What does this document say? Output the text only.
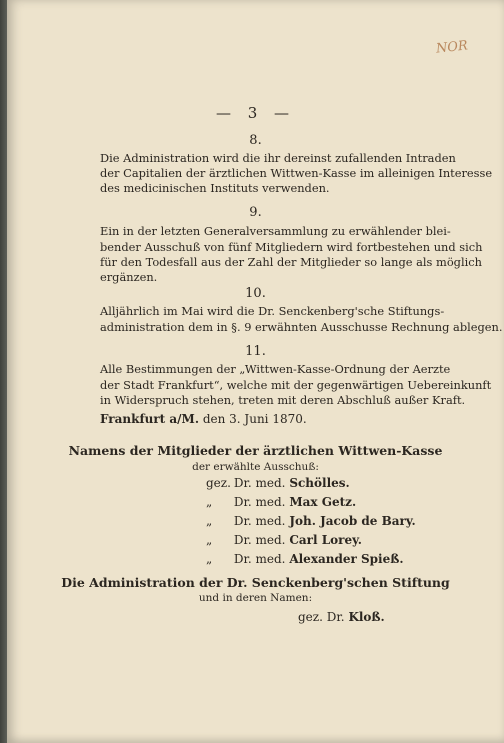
NOR
— 3 —
8.
Die Administration wird die ihr dereinst zufallenden Intraden
der Capitalien der ärztlichen Wittwen-Kasse im alleinigen Interesse
des medicinischen Instituts verwenden.
9.
Ein in der letzten Generalversammlung zu erwählender blei-
bender Ausschuß von fünf Mitgliedern wird fortbestehen und sich
für den Todesfall aus der Zahl der Mitglieder so lange als möglich
ergänzen.
10.
Alljährlich im Mai wird die Dr. Senckenberg'sche Stiftungs-
administration dem in §. 9 erwähnten Ausschusse Rechnung ablegen.
11.
Alle Bestimmungen der „Wittwen-Kasse-Ordnung der Aerzte
der Stadt Frankfurt“, welche mit der gegenwärtigen Uebereinkunft
in Widerspruch stehen, treten mit deren Abschluß außer Kraft.
Frankfurt a/M. den 3. Juni 1870.
Namens der Mitglieder der ärztlichen Wittwen-Kasse
der erwählte Ausschuß:
gez. Dr. med. Schölles.
„ Dr. med. Max Getz.
„ Dr. med. Joh. Jacob de Bary.
„ Dr. med. Carl Lorey.
„ Dr. med. Alexander Spieß.
Die Administration der Dr. Senckenberg'schen Stiftung
und in deren Namen:
gez. Dr. Kloß.
